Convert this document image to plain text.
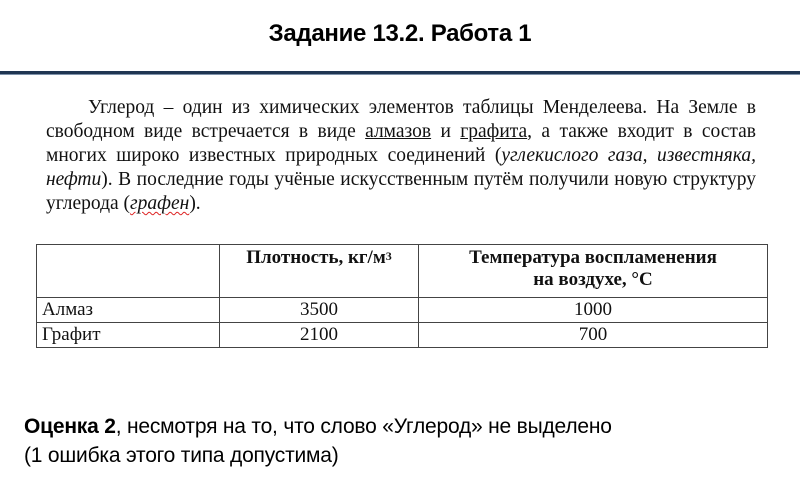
Задание 13.2. Работа 1

Углерод – один из химических элементов таблицы Менделеева. На Земле в свободном виде встречается в виде алмазов и графита, а также входит в состав многих широко известных природных соединений (углекислого газа, известняка, нефти). В последние годы учёные искусственным путём получили новую структуру углерода (графен).

	Плотность, $кг/м^3$	Температура воспламенения
на воздухе, °С
Алмаз	3500	1000
Графит	2100	700
Оценка 2, несмотря на то, что слово «Углерод» не выделено
(1 ошибка этого типа допустима)
